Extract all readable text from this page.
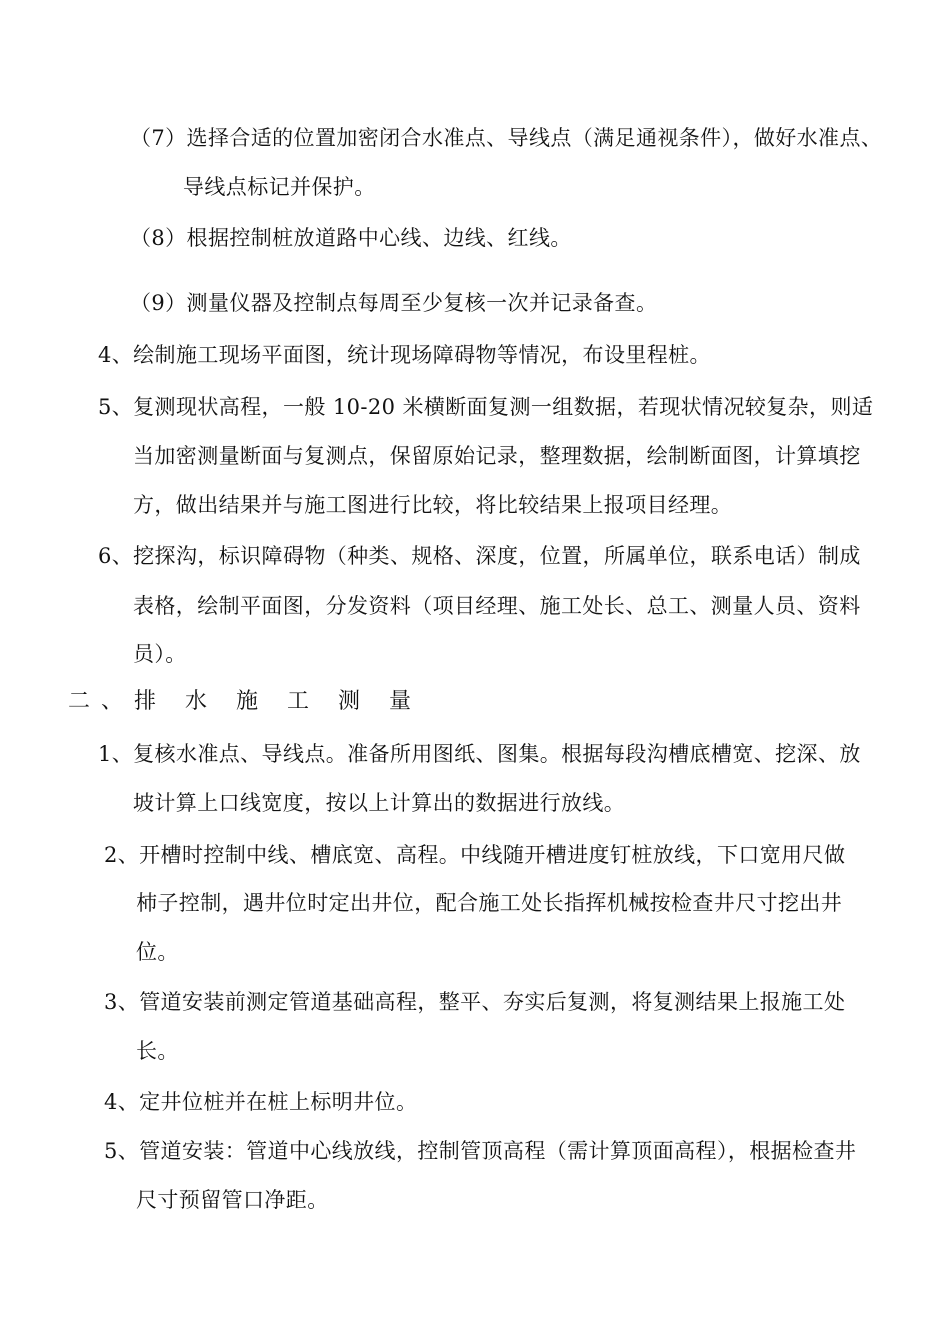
（7）选择合适的位置加密闭合水准点、导线点（满足通视条件），做好水准点、
导线点标记并保护。
（8）根据控制桩放道路中心线、边线、红线。
（9）测量仪器及控制点每周至少复核一次并记录备查。
4、绘制施工现场平面图，统计现场障碍物等情况，布设里程桩。
5、复测现状高程，一般 10-20 米横断面复测一组数据，若现状情况较复杂，则适
当加密测量断面与复测点，保留原始记录，整理数据，绘制断面图，计算填挖
方，做出结果并与施工图进行比较，将比较结果上报项目经理。
6、挖探沟，标识障碍物（种类、规格、深度，位置，所属单位，联系电话）制成
表格，绘制平面图，分发资料（项目经理、施工处长、总工、测量人员、资料
员）。
二、排 水 施 工 测 量
1、复核水准点、导线点。准备所用图纸、图集。根据每段沟槽底槽宽、挖深、放
坡计算上口线宽度，按以上计算出的数据进行放线。
2、开槽时控制中线、槽底宽、高程。中线随开槽进度钉桩放线，下口宽用尺做
杮子控制，遇井位时定出井位，配合施工处长指挥机械按检查井尺寸挖出井
位。
3、管道安装前测定管道基础高程，整平、夯实后复测，将复测结果上报施工处
长。
4、定井位桩并在桩上标明井位。
5、管道安装：管道中心线放线，控制管顶高程（需计算顶面高程），根据检查井
尺寸预留管口净距。
